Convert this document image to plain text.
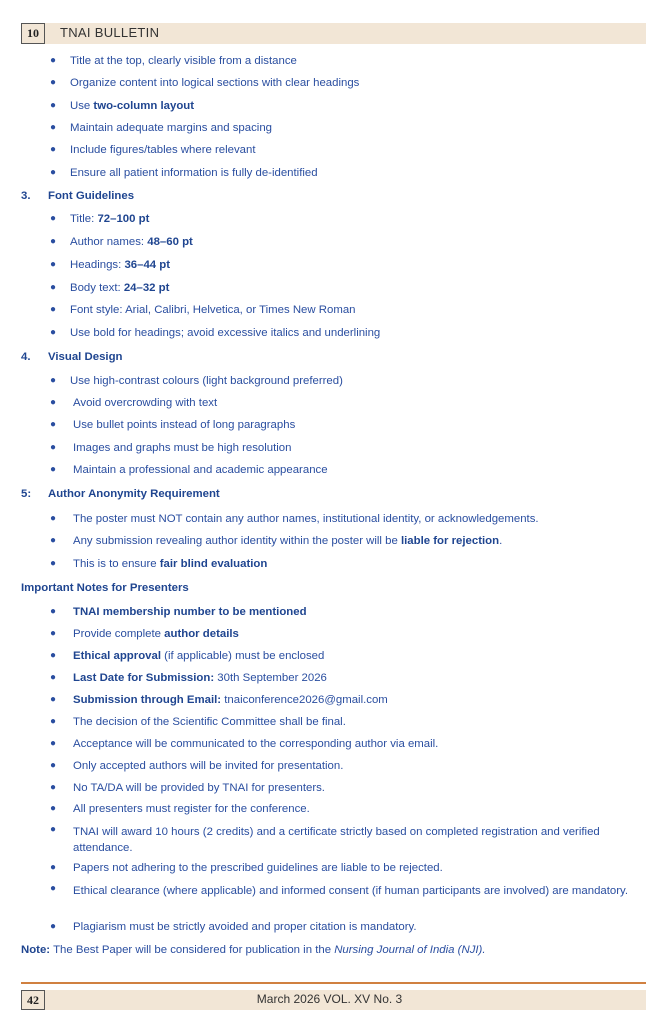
10	TNAI BULLETIN
● Title at the top, clearly visible from a distance
● Organize content into logical sections with clear headings
● Use two-column layout
● Maintain adequate margins and spacing
● Include figures/tables where relevant
● Ensure all patient information is fully de-identified
3. Font Guidelines
● Title: 72–100 pt
● Author names: 48–60 pt
● Headings: 36–44 pt
● Body text: 24–32 pt
● Font style: Arial, Calibri, Helvetica, or Times New Roman
● Use bold for headings; avoid excessive italics and underlining
4. Visual Design
● Use high-contrast colours (light background preferred)
● Avoid overcrowding with text
● Use bullet points instead of long paragraphs
● Images and graphs must be high resolution
● Maintain a professional and academic appearance
5: Author Anonymity Requirement
● The poster must NOT contain any author names, institutional identity, or acknowledgements.
● Any submission revealing author identity within the poster will be liable for rejection.
● This is to ensure fair blind evaluation
Important Notes for Presenters
● TNAI membership number to be mentioned
● Provide complete author details
● Ethical approval (if applicable) must be enclosed
● Last Date for Submission: 30th September 2026
● Submission through Email: tnaiconference2026@gmail.com
● The decision of the Scientific Committee shall be final.
● Acceptance will be communicated to the corresponding author via email.
● Only accepted authors will be invited for presentation.
● No TA/DA will be provided by TNAI for presenters.
● All presenters must register for the conference.
● TNAI will award 10 hours (2 credits) and a certificate strictly based on completed registration and verified attendance.
● Papers not adhering to the prescribed guidelines are liable to be rejected.
● Ethical clearance (where applicable) and informed consent (if human participants are involved) are mandatory.
● Plagiarism must be strictly avoided and proper citation is mandatory.
Note: The Best Paper will be considered for publication in the Nursing Journal of India (NJI).
42	March 2026 VOL. XV No. 3
